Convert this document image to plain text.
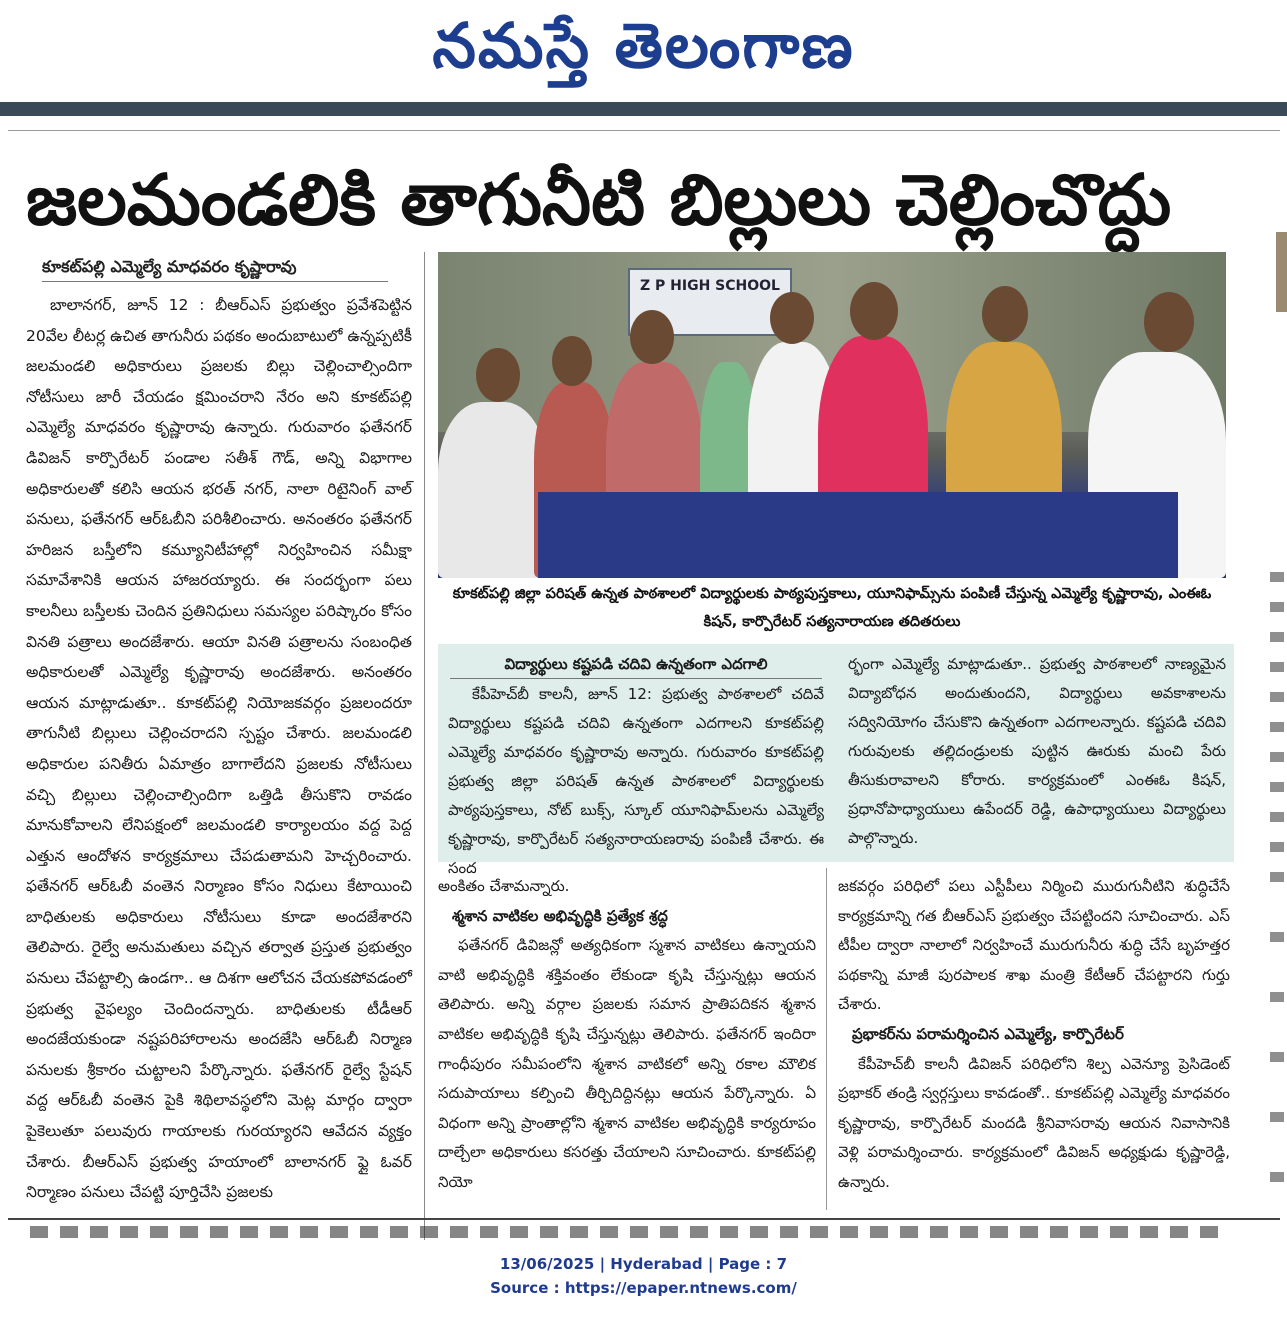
నమస్తే తెలంగాణ
జలమండలికి తాగునీటి బిల్లులు చెల్లించొద్దు
కూకట్‌పల్లి ఎమ్మెల్యే మాధవరం కృష్ణారావు

బాలానగర్, జూన్ 12 : బీఆర్‌ఎస్ ప్రభుత్వం ప్రవేశపెట్టిన 20వేల లీటర్ల ఉచిత తాగునీరు పథకం అందుబాటులో ఉన్నప్పటికీ జలమండలి అధికారులు ప్రజలకు బిల్లు చెల్లించాల్సిందిగా నోటీసులు జారీ చేయడం క్షమించరాని నేరం అని కూకట్‌పల్లి ఎమ్మెల్యే మాధవరం కృష్ణారావు ఉన్నారు. గురువారం ఫతేనగర్ డివిజన్ కార్పొరేటర్ పండాల సతీశ్ గౌడ్, అన్ని విభాగాల అధికారులతో కలిసి ఆయన భరత్ నగర్, నాలా రిటైనింగ్ వాల్ పనులు, ఫతేనగర్ ఆర్‌ఓబీని పరిశీలించారు. అనంతరం ఫతేనగర్ హరిజన బస్తీలోని కమ్యూనిటీహాల్లో నిర్వహించిన సమీక్షా సమావేశానికి ఆయన హాజరయ్యారు. ఈ సందర్భంగా పలు కాలనీలు బస్తీలకు చెందిన ప్రతినిధులు సమస్యల పరిష్కారం కోసం వినతి పత్రాలు అందజేశారు. ఆయా వినతి పత్రాలను సంబంధిత అధికారులతో ఎమ్మెల్యే కృష్ణారావు అందజేశారు. అనంతరం ఆయన మాట్లాడుతూ.. కూకట్‌పల్లి నియోజకవర్గం ప్రజలందరూ తాగునీటి బిల్లులు చెల్లించరాదని స్పష్టం చేశారు. జలమండలి అధికారుల పనితీరు ఏమాత్రం బాగాలేదని ప్రజలకు నోటీసులు వచ్చి బిల్లులు చెల్లించాల్సిందిగా ఒత్తిడి తీసుకొని రావడం మానుకోవాలని లేనిపక్షంలో జలమండలి కార్యాలయం వద్ద పెద్ద ఎత్తున ఆందోళన కార్యక్రమాలు చేపడుతామని హెచ్చరించారు. ఫతేనగర్ ఆర్‌ఓబీ వంతెన నిర్మాణం కోసం నిధులు కేటాయించి బాధితులకు అధికారులు నోటీసులు కూడా అందజేశారని తెలిపారు. రైల్వే అనుమతులు వచ్చిన తర్వాత ప్రస్తుత ప్రభుత్వం పనులు చేపట్టాల్సి ఉండగా.. ఆ దిశగా ఆలోచన చేయకపోవడంలో ప్రభుత్వ వైఫల్యం చెందిందన్నారు. బాధితులకు టీడీఆర్ అందజేయకుండా నష్టపరిహారాలను అందజేసి ఆర్‌ఓబీ నిర్మాణ పనులకు శ్రీకారం చుట్టాలని పేర్కొన్నారు. ఫతేనగర్ రైల్వే స్టేషన్ వద్ద ఆర్‌ఓబీ వంతెన పైకి శిథిలావస్థలోని మెట్ల మార్గం ద్వారా పైకెలుతూ పలువురు గాయాలకు గురయ్యారని ఆవేదన వ్యక్తం చేశారు. బీఆర్‌ఎస్ ప్రభుత్వ హయాంలో బాలానగర్ ఫ్లై ఓవర్ నిర్మాణం పనులు చేపట్టి పూర్తిచేసి ప్రజలకు

Z P HIGH SCHOOL
కూకట్‌పల్లి జిల్లా పరిషత్ ఉన్నత పాఠశాలలో విద్యార్థులకు పాఠ్యపుస్తకాలు, యూనిఫామ్స్‌ను పంపిణీ చేస్తున్న ఎమ్మెల్యే కృష్ణారావు, ఎంఈఓ కిషన్, కార్పొరేటర్ సత్యనారాయణ తదితరులు
విద్యార్థులు కష్టపడి చదివి ఉన్నతంగా ఎదగాలి

కేపీహెచ్‌బీ కాలనీ, జూన్ 12: ప్రభుత్వ పాఠశాలలో చదివే విద్యార్థులు కష్టపడి చదివి ఉన్నతంగా ఎదగాలని కూకట్‌పల్లి ఎమ్మెల్యే మాధవరం కృష్ణారావు అన్నారు. గురువారం కూకట్‌పల్లి ప్రభుత్వ జిల్లా పరిషత్ ఉన్నత పాఠశాలలో విద్యార్థులకు పాఠ్యపుస్తకాలు, నోట్ బుక్స్, స్కూల్ యూనిఫామ్‌లను ఎమ్మెల్యే కృష్ణారావు, కార్పొరేటర్ సత్యనారాయణరావు పంపిణీ చేశారు. ఈ సంద

ర్భంగా ఎమ్మెల్యే మాట్లాడుతూ.. ప్రభుత్వ పాఠశాలలో నాణ్యమైన విద్యాబోధన అందుతుందని, విద్యార్థులు అవకాశాలను సద్వినియోగం చేసుకొని ఉన్నతంగా ఎదగాలన్నారు. కష్టపడి చదివి గురువులకు తల్లిదండ్రులకు పుట్టిన ఊరుకు మంచి పేరు తీసుకురావాలని కోరారు. కార్యక్రమంలో ఎంఈఓ కిషన్, ప్రధానోపాధ్యాయులు ఉపేందర్ రెడ్డి, ఉపాధ్యాయులు విద్యార్థులు పాల్గొన్నారు.

అంకితం చేశామన్నారు.

శ్మశాన వాటికల అభివృద్ధికి ప్రత్యేక శ్రద్ధ

ఫతేనగర్ డివిజన్లో అత్యధికంగా స్మశాన వాటికలు ఉన్నాయని వాటి అభివృద్ధికి శక్తివంతం లేకుండా కృషి చేస్తున్నట్లు ఆయన తెలిపారు. అన్ని వర్గాల ప్రజలకు సమాన ప్రాతిపదికన శ్మశాన వాటికల అభివృద్ధికి కృషి చేస్తున్నట్లు తెలిపారు. ఫతేనగర్ ఇందిరా గాంధీపురం సమీపంలోని శ్మశాన వాటికలో అన్ని రకాల మౌలిక సదుపాయాలు కల్పించి తీర్చిదిద్దినట్లు ఆయన పేర్కొన్నారు. ఏ విధంగా అన్ని ప్రాంతాల్లోని శ్మశాన వాటికల అభివృద్ధికి కార్యరూపం దాల్చేలా అధికారులు కసరత్తు చేయాలని సూచించారు. కూకట్‌పల్లి నియో

జకవర్గం పరిధిలో పలు ఎస్టీపీలు నిర్మించి మురుగునీటిని శుద్ధిచేసే కార్యక్రమాన్ని గత బీఆర్‌ఎస్ ప్రభుత్వం చేపట్టిందని సూచించారు. ఎస్ టీపీల ద్వారా నాలాలో నిర్వహించే మురుగునీరు శుద్ధి చేసే బృహత్తర పథకాన్ని మాజీ పురపాలక శాఖ మంత్రి కేటీఆర్ చేపట్టారని గుర్తు చేశారు.

ప్రభాకర్‌ను పరామర్శించిన ఎమ్మెల్యే, కార్పొరేటర్

కేపీహెచ్‌బీ కాలనీ డివిజన్ పరిధిలోని శిల్ప ఎవెన్యూ ప్రెసిడెంట్ ప్రభాకర్ తండ్రి స్వర్గస్తులు కావడంతో.. కూకట్‌పల్లి ఎమ్మెల్యే మాధవరం కృష్ణారావు, కార్పొరేటర్ మందడి శ్రీనివాసరావు ఆయన నివాసానికి వెళ్లి పరామర్శించారు. కార్యక్రమంలో డివిజన్ అధ్యక్షుడు కృష్ణారెడ్డి, ఉన్నారు.

13/06/2025 | Hyderabad | Page : 7
Source : https://epaper.ntnews.com/
